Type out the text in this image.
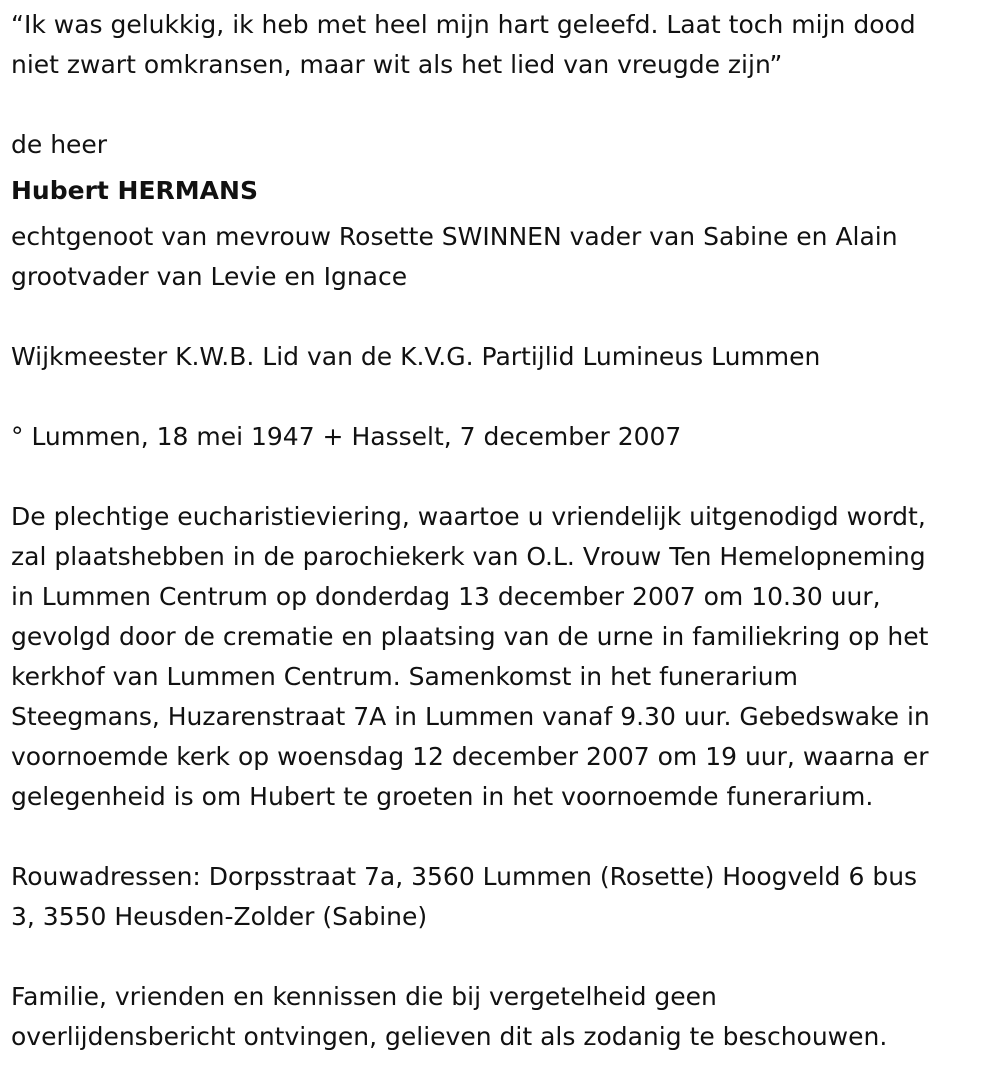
“Ik was gelukkig, ik heb met heel mijn hart geleefd. Laat toch mijn dood

niet zwart omkransen, maar wit als het lied van vreugde zijn”

de heer

Hubert HERMANS

echtgenoot van mevrouw Rosette SWINNEN vader van Sabine en Alain

grootvader van Levie en Ignace

Wijkmeester K.W.B. Lid van de K.V.G. Partijlid Lumineus Lummen

° Lummen, 18 mei 1947 + Hasselt, 7 december 2007

De plechtige eucharistieviering, waartoe u vriendelijk uitgenodigd wordt,

zal plaatshebben in de parochiekerk van O.L. Vrouw Ten Hemelopneming

in Lummen Centrum op donderdag 13 december 2007 om 10.30 uur,

gevolgd door de crematie en plaatsing van de urne in familiekring op het

kerkhof van Lummen Centrum. Samenkomst in het funerarium

Steegmans, Huzarenstraat 7A in Lummen vanaf 9.30 uur. Gebedswake in

voornoemde kerk op woensdag 12 december 2007 om 19 uur, waarna er

gelegenheid is om Hubert te groeten in het voornoemde funerarium.

Rouwadressen: Dorpsstraat 7a, 3560 Lummen (Rosette) Hoogveld 6 bus

3, 3550 Heusden-Zolder (Sabine)

Familie, vrienden en kennissen die bij vergetelheid geen

overlijdensbericht ontvingen, gelieven dit als zodanig te beschouwen.
